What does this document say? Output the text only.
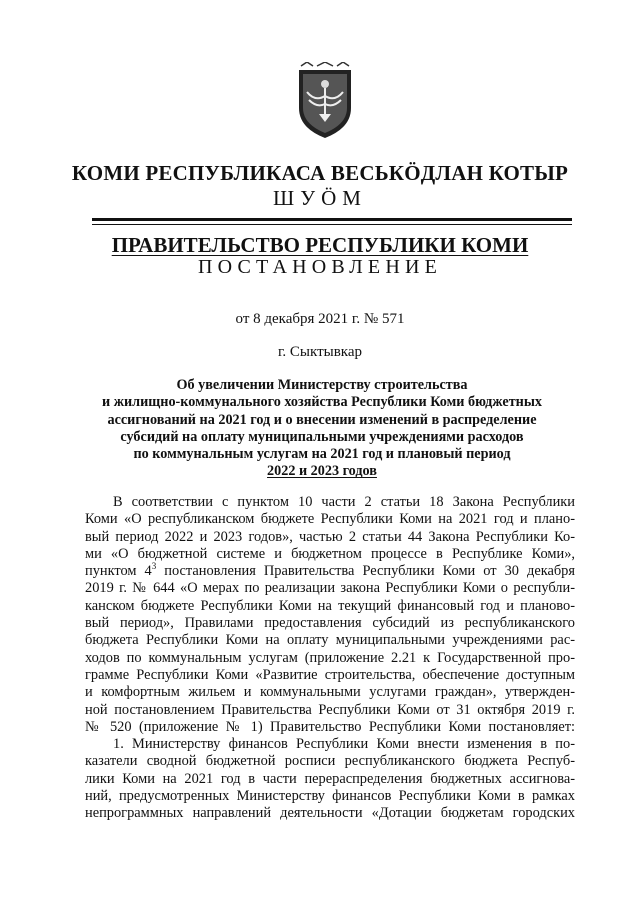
КОМИ РЕСПУБЛИКАСА ВЕСЬКӦДЛАН КОТЫР
ШУӦМ
ПРАВИТЕЛЬСТВО РЕСПУБЛИКИ КОМИ
ПОСТАНОВЛЕНИЕ
от 8 декабря 2021 г. № 571
г. Сыктывкар
Об увеличении Министерству строительства
и жилищно-коммунального хозяйства Республики Коми бюджетных
ассигнований на 2021 год и о внесении изменений в распределение
субсидий на оплату муниципальными учреждениями расходов
по коммунальным услугам на 2021 год и плановый период
2022 и 2023 годов
В соответствии с пунктом 10 части 2 статьи 18 Закона Республики
Коми «О республиканском бюджете Республики Коми на 2021 год и плано-
вый период 2022 и 2023 годов», частью 2 статьи 44 Закона Республики Ко-
ми «О бюджетной системе и бюджетном процессе в Республике Коми»,
пунктом $4^3$ постановления Правительства Республики Коми от 30 декабря
2019 г. № 644 «О мерах по реализации закона Республики Коми о республи-
канском бюджете Республики Коми на текущий финансовый год и планово-
вый период», Правилами предоставления субсидий из республиканского
бюджета Республики Коми на оплату муниципальными учреждениями рас-
ходов по коммунальным услугам (приложение 2.21 к Государственной про-
грамме Республики Коми «Развитие строительства, обеспечение доступным
и комфортным жильем и коммунальными услугами граждан», утвержден-
ной постановлением Правительства Республики Коми от 31 октября 2019 г.
№ 520 (приложение № 1) Правительство Республики Коми постановляет:
1. Министерству финансов Республики Коми внести изменения в по-
казатели сводной бюджетной росписи республиканского бюджета Респуб-
лики Коми на 2021 год в части перераспределения бюджетных ассигнова-
ний, предусмотренных Министерству финансов Республики Коми в рамках
непрограммных направлений деятельности «Дотации бюджетам городских
